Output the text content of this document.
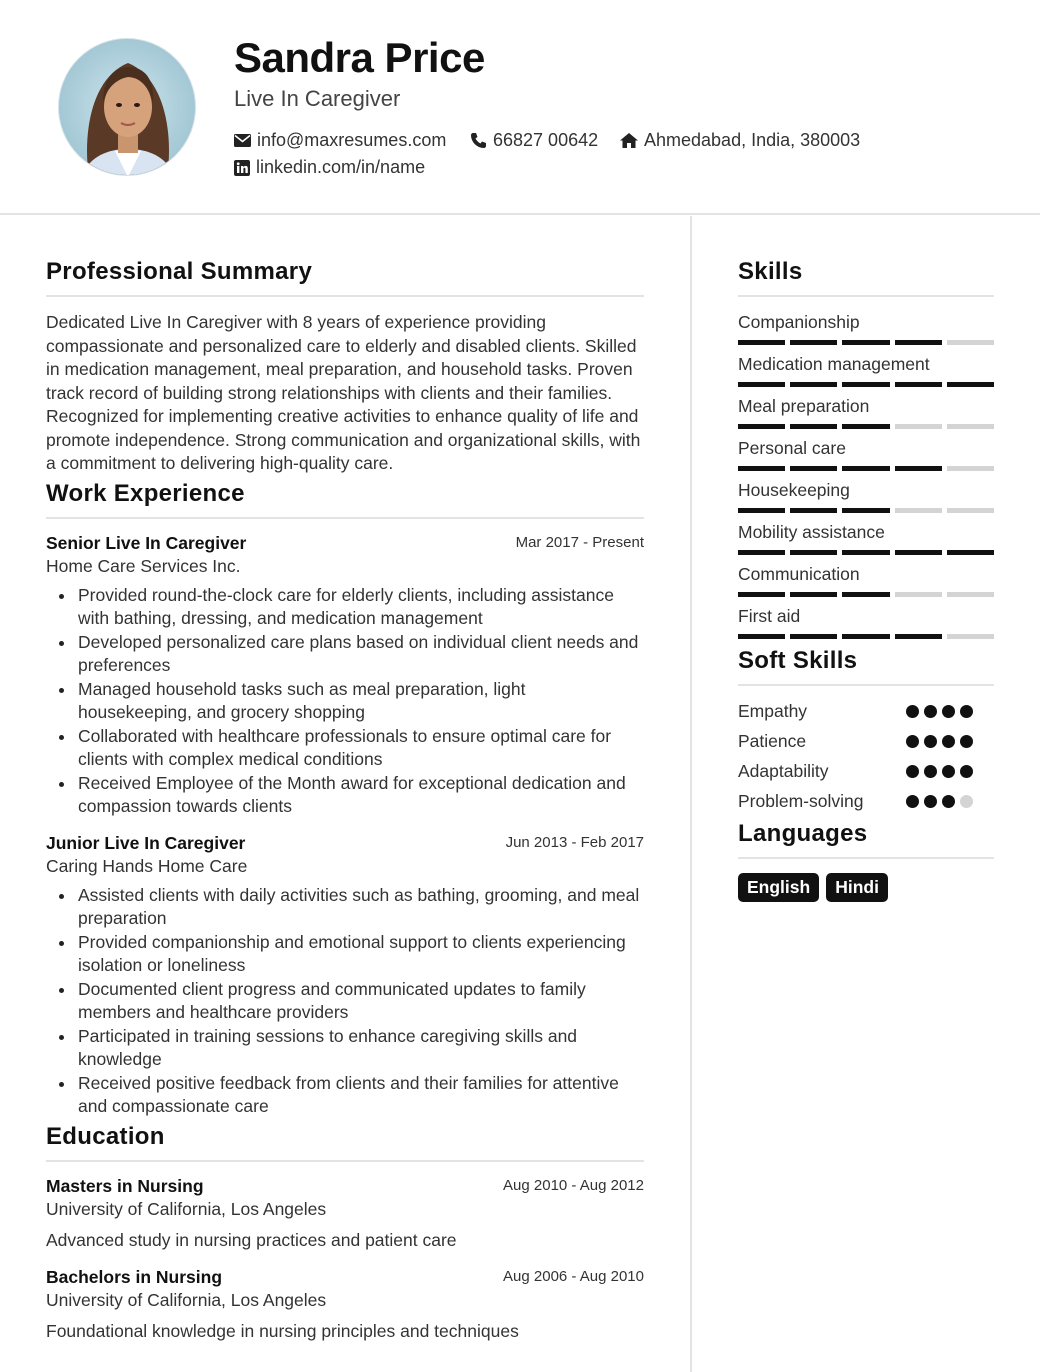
Sandra Price
Live In Caregiver
info@maxresumes.com	66827 00642	Ahmedabad, India, 380003
linkedin.com/in/name
Professional Summary
Dedicated Live In Caregiver with 8 years of experience providing compassionate and personalized care to elderly and disabled clients. Skilled in medication management, meal preparation, and household tasks. Proven track record of building strong relationships with clients and their families. Recognized for implementing creative activities to enhance quality of life and promote independence. Strong communication and organizational skills, with a commitment to delivering high-quality care.
Work Experience
Senior Live In Caregiver	Mar 2017 - Present
Home Care Services Inc.
Provided round-the-clock care for elderly clients, including assistance with bathing, dressing, and medication management
Developed personalized care plans based on individual client needs and preferences
Managed household tasks such as meal preparation, light housekeeping, and grocery shopping
Collaborated with healthcare professionals to ensure optimal care for clients with complex medical conditions
Received Employee of the Month award for exceptional dedication and compassion towards clients
Junior Live In Caregiver	Jun 2013 - Feb 2017
Caring Hands Home Care
Assisted clients with daily activities such as bathing, grooming, and meal preparation
Provided companionship and emotional support to clients experiencing isolation or loneliness
Documented client progress and communicated updates to family members and healthcare providers
Participated in training sessions to enhance caregiving skills and knowledge
Received positive feedback from clients and their families for attentive and compassionate care
Education
Masters in Nursing	Aug 2010 - Aug 2012
University of California, Los Angeles
Advanced study in nursing practices and patient care
Bachelors in Nursing	Aug 2006 - Aug 2010
University of California, Los Angeles
Foundational knowledge in nursing principles and techniques
Skills
Companionship
Medication management
Meal preparation
Personal care
Housekeeping
Mobility assistance
Communication
First aid
Soft Skills
Empathy
Patience
Adaptability
Problem-solving
Languages
English	Hindi
